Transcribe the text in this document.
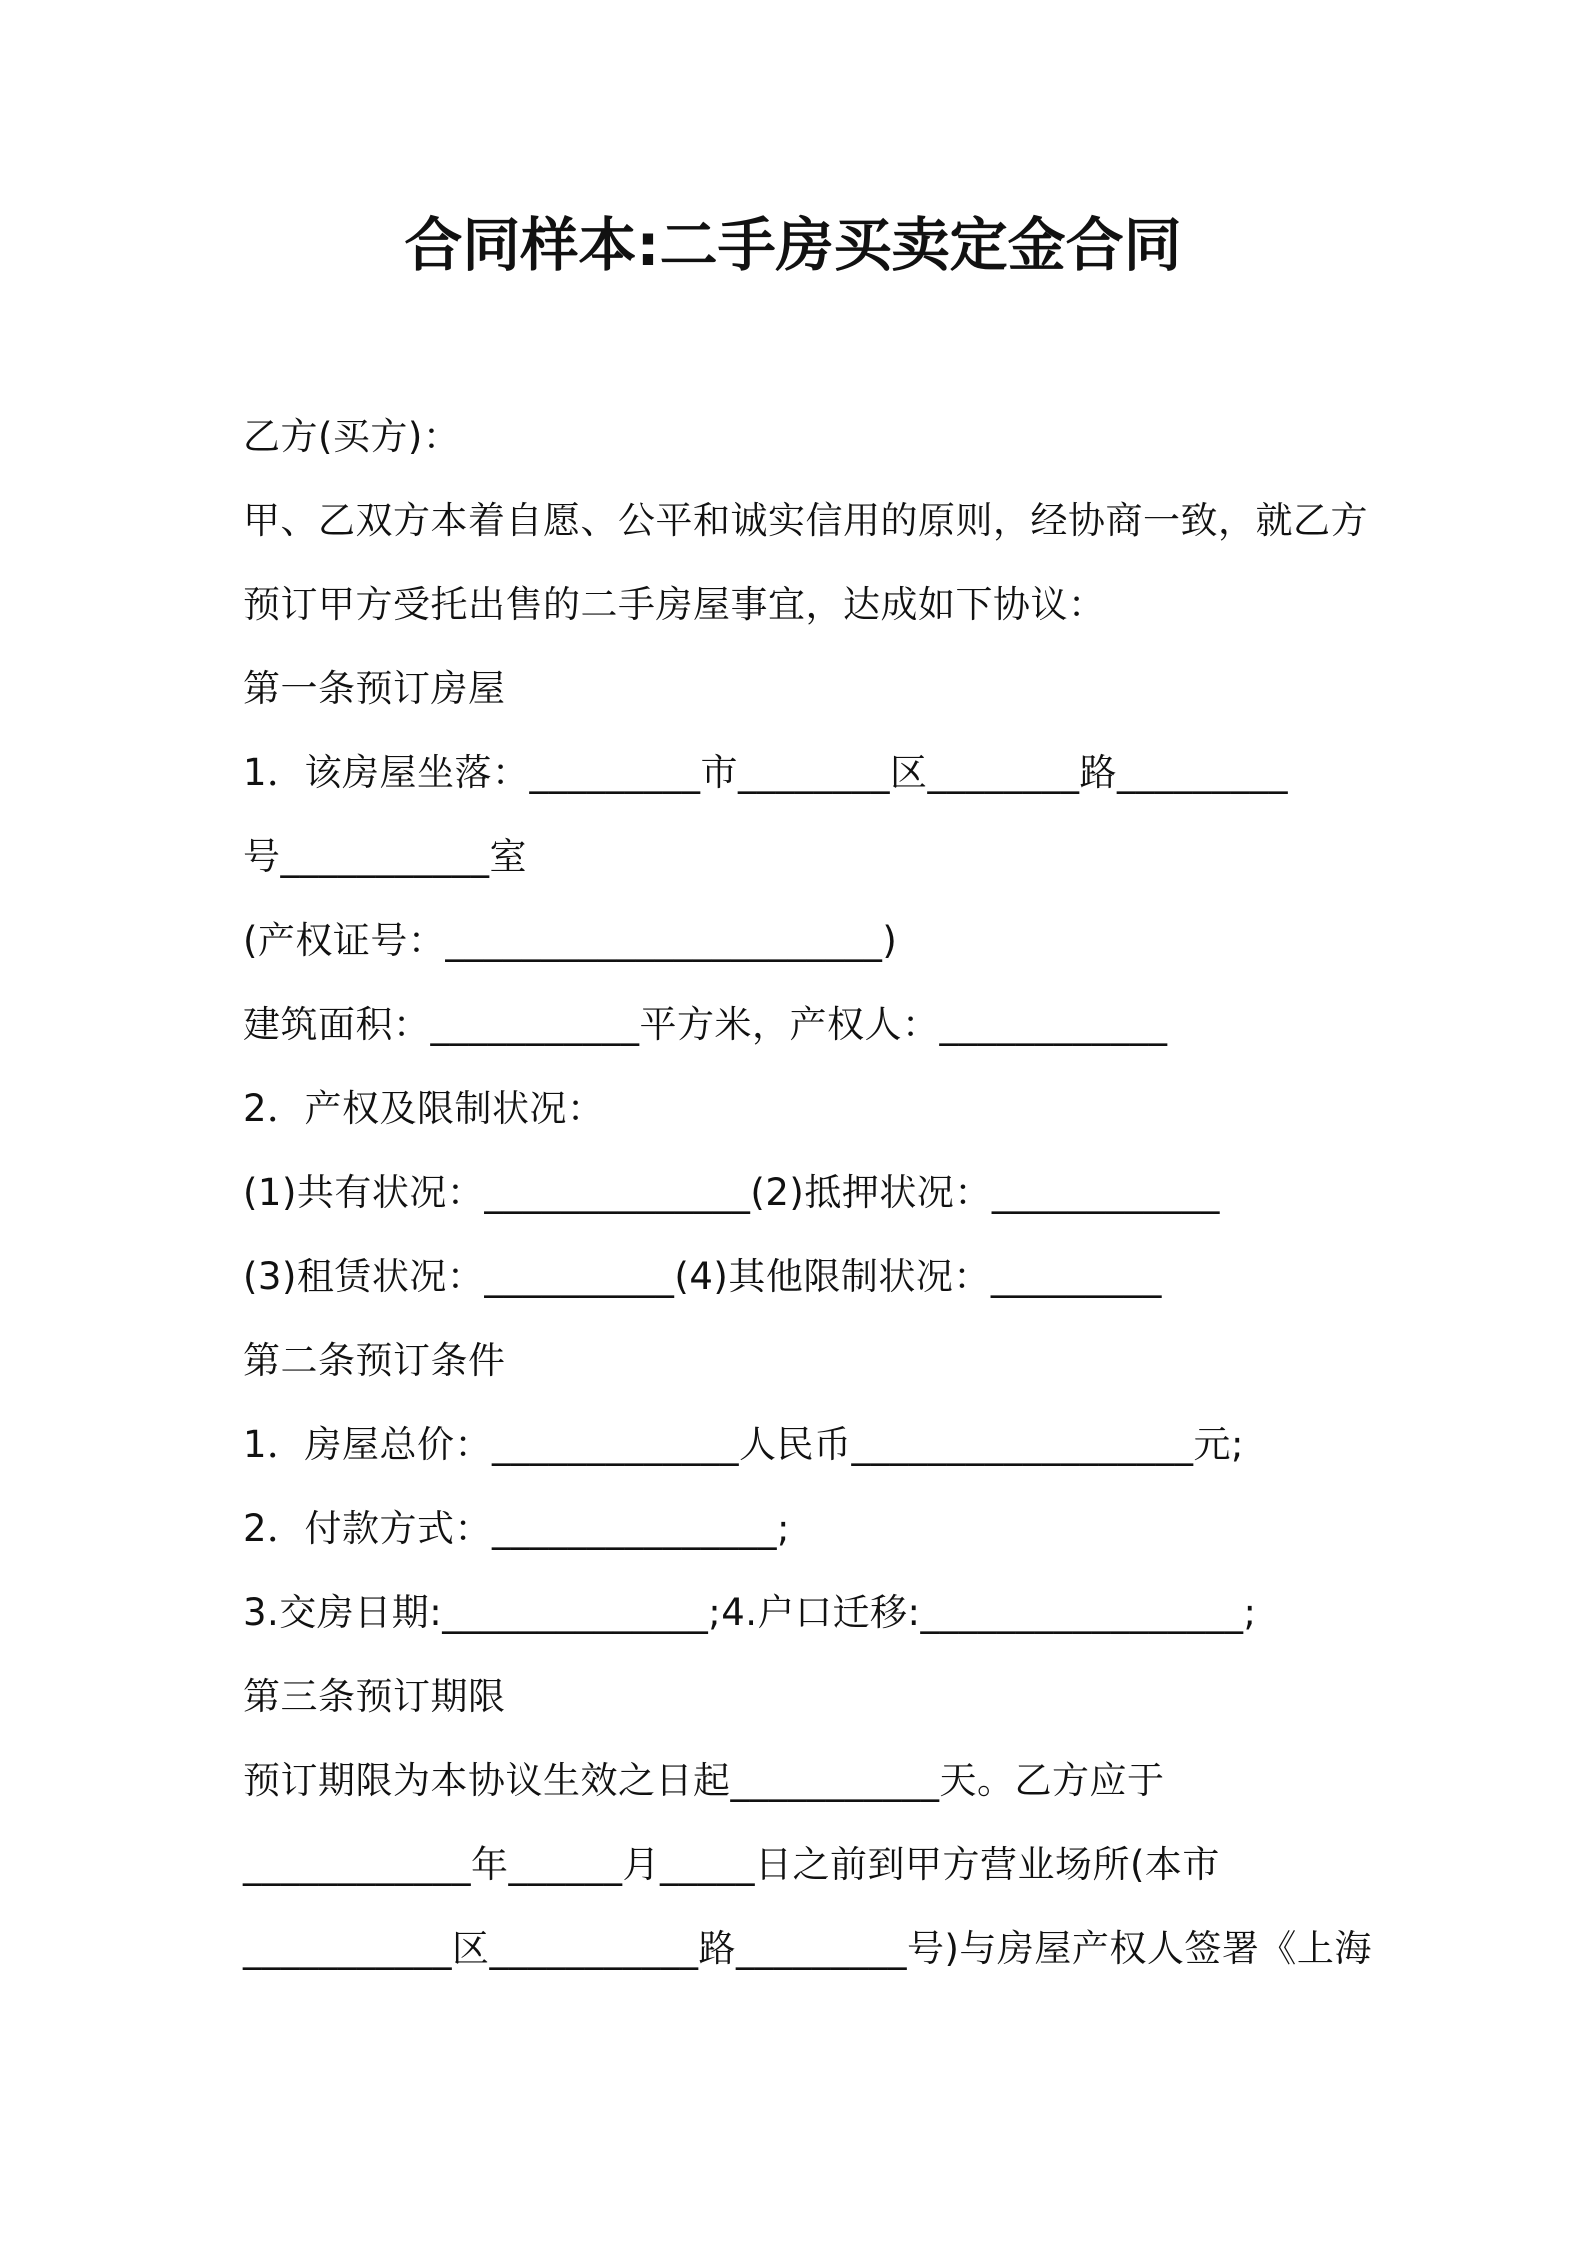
合同样本:二手房买卖定金合同
乙方(买方)：
甲、乙双方本着自愿、公平和诚实信用的原则，经协商一致，就乙方
预订甲方受托出售的二手房屋事宜，达成如下协议：
第一条预订房屋
1．该房屋坐落：_________市________区________路_________
号___________室
(产权证号：_______________________)
建筑面积：___________平方米，产权人：____________
2．产权及限制状况：
(1)共有状况：______________(2)抵押状况：____________
(3)租赁状况：__________(4)其他限制状况：_________
第二条预订条件
1．房屋总价：_____________人民币__________________元;
2．付款方式：_______________;
3.交房日期:______________;4.户口迁移:_________________;
第三条预订期限
预订期限为本协议生效之日起___________天。乙方应于
____________年______月_____日之前到甲方营业场所(本市
___________区___________路_________号)与房屋产权人签署《上海
